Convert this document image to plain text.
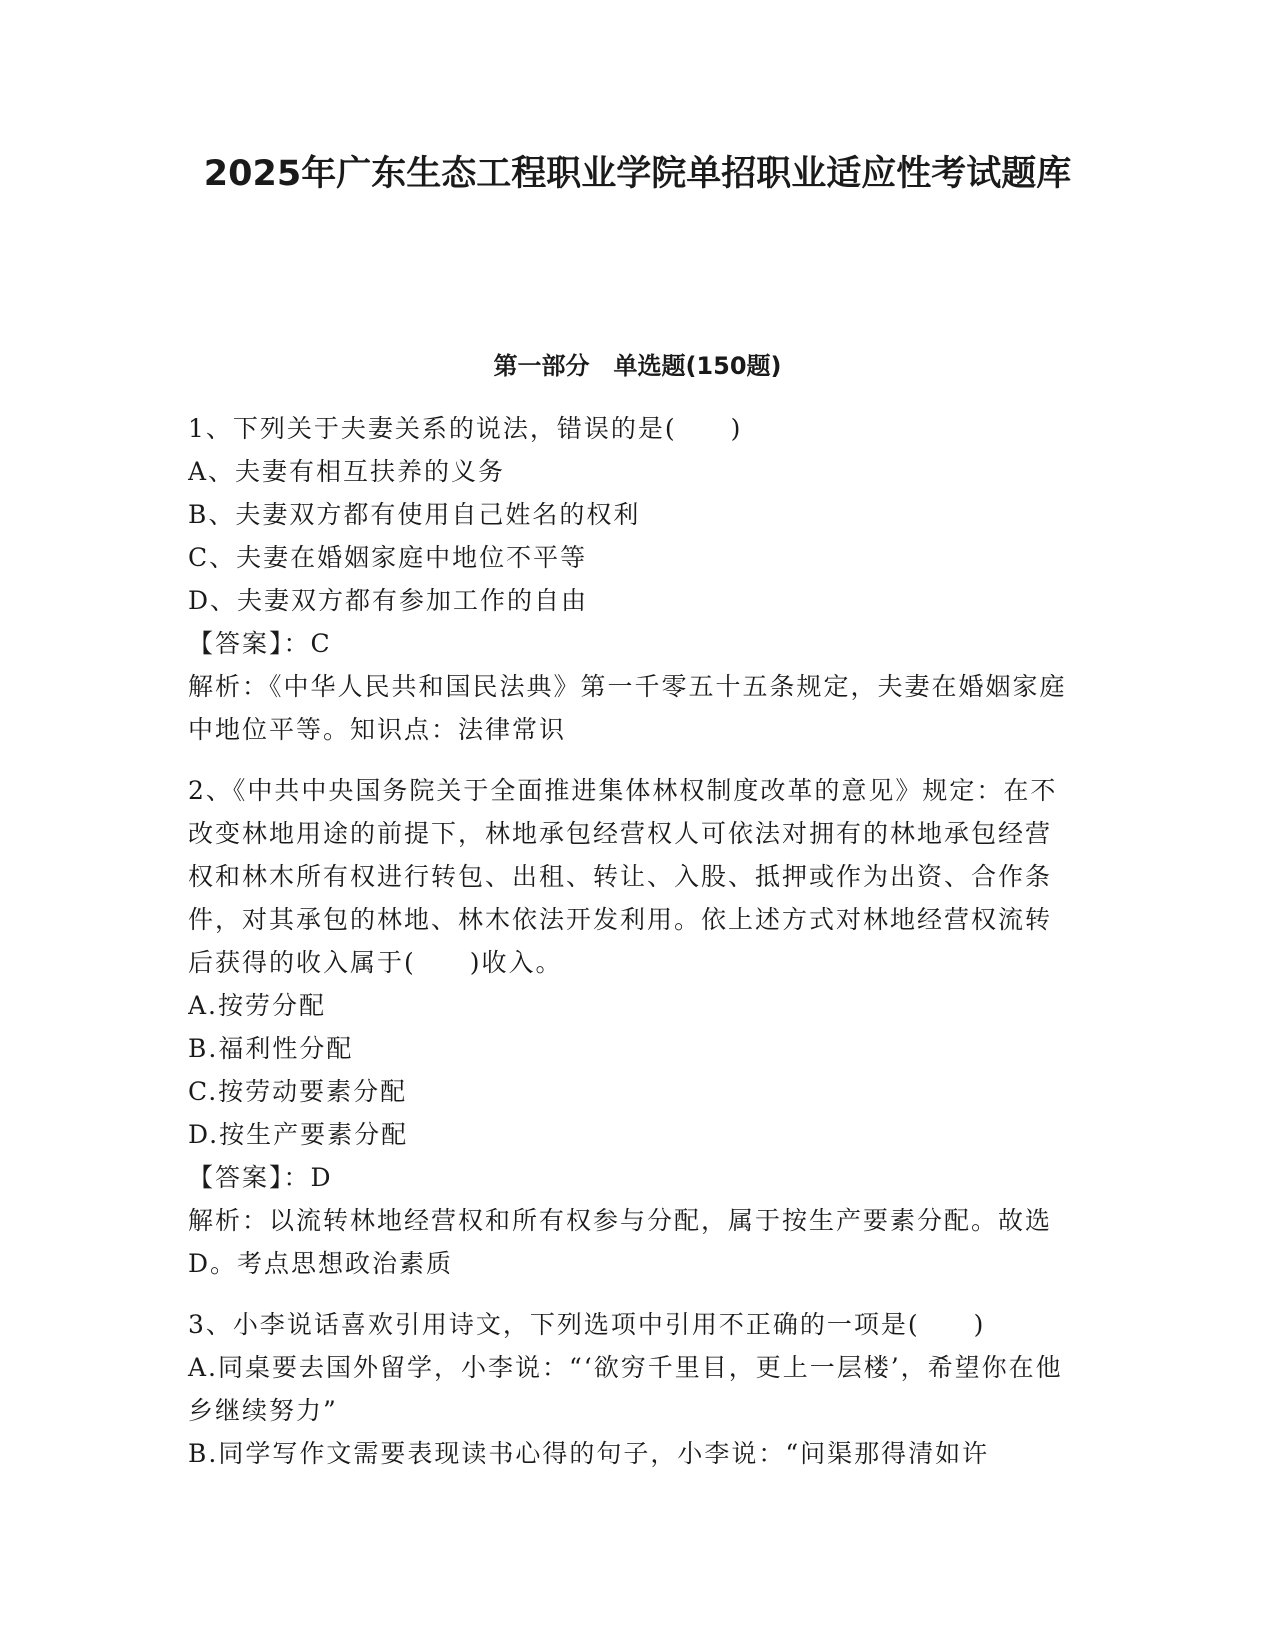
2025年广东生态工程职业学院单招职业适应性考试题库
第一部分　单选题(150题)
1、下列关于夫妻关系的说法，错误的是(　　)
A、夫妻有相互扶养的义务
B、夫妻双方都有使用自己姓名的权利
C、夫妻在婚姻家庭中地位不平等
D、夫妻双方都有参加工作的自由
【答案】：C
解析：《中华人民共和国民法典》第一千零五十五条规定，夫妻在婚姻家庭中地位平等。知识点：法律常识
2、《中共中央国务院关于全面推进集体林权制度改革的意见》规定：在不改变林地用途的前提下，林地承包经营权人可依法对拥有的林地承包经营权和林木所有权进行转包、出租、转让、入股、抵押或作为出资、合作条件，对其承包的林地、林木依法开发利用。依上述方式对林地经营权流转后获得的收入属于(　　)收入。
A.按劳分配
B.福利性分配
C.按劳动要素分配
D.按生产要素分配
【答案】：D
解析：以流转林地经营权和所有权参与分配，属于按生产要素分配。故选D。考点思想政治素质
3、小李说话喜欢引用诗文，下列选项中引用不正确的一项是(　　)
A.同桌要去国外留学，小李说：“‘欲穷千里目，更上一层楼’，希望你在他乡继续努力”
B.同学写作文需要表现读书心得的句子，小李说：“问渠那得清如许
